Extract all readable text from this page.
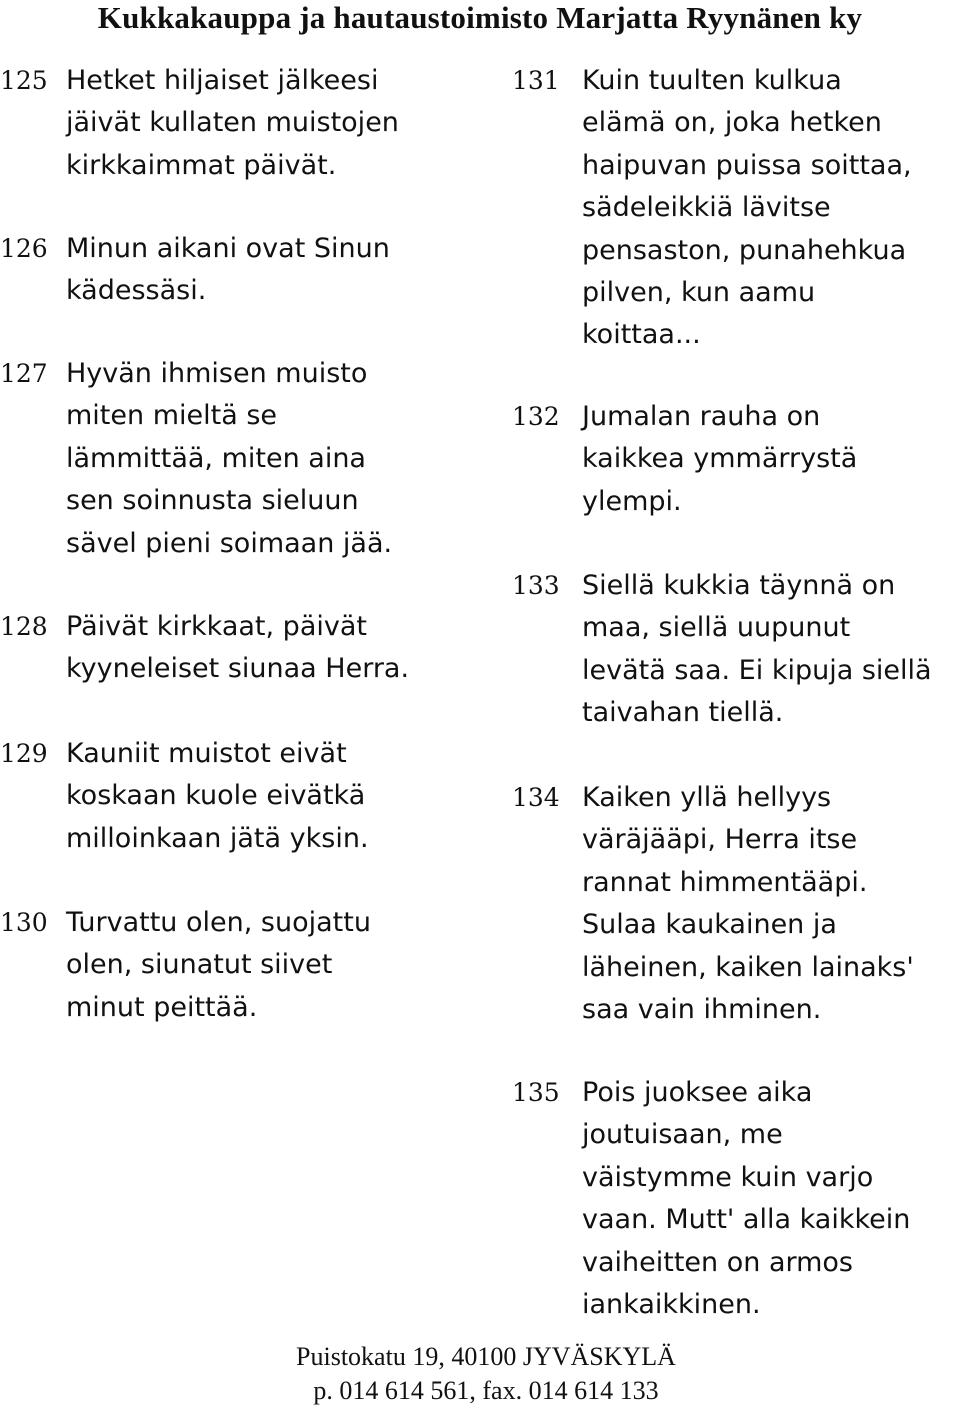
Kukkakauppa ja hautaustoimisto Marjatta Ryynänen ky
125 Hetket hiljaiset jälkeesi
jäivät kullaten muistojen
kirkkaimmat päivät.
126 Minun aikani ovat Sinun
kädessäsi.
127 Hyvän ihmisen muisto
miten mieltä se
lämmittää, miten aina
sen soinnusta sieluun
sävel pieni soimaan jää.
128 Päivät kirkkaat, päivät
kyyneleiset siunaa Herra.
129 Kauniit muistot eivät
koskaan kuole eivätkä
milloinkaan jätä yksin.
130 Turvattu olen, suojattu
olen, siunatut siivet
minut peittää.
131 Kuin tuulten kulkua
elämä on, joka hetken
haipuvan puissa soittaa,
sädeleikkiä lävitse
pensaston, punahehkua
pilven, kun aamu
koittaa...
132 Jumalan rauha on
kaikkea ymmärrystä
ylempi.
133 Siellä kukkia täynnä on
maa, siellä uupunut
levätä saa. Ei kipuja siellä
taivahan tiellä.
134 Kaiken yllä hellyys
väräjääpi, Herra itse
rannat himmentääpi.
Sulaa kaukainen ja
läheinen, kaiken lainaks'
saa vain ihminen.
135 Pois juoksee aika
joutuisaan, me
väistymme kuin varjo
vaan. Mutt' alla kaikkein
vaiheitten on armos
iankaikkinen.
Puistokatu 19, 40100 JYVÄSKYLÄ
p. 014 614 561, fax. 014 614 133
